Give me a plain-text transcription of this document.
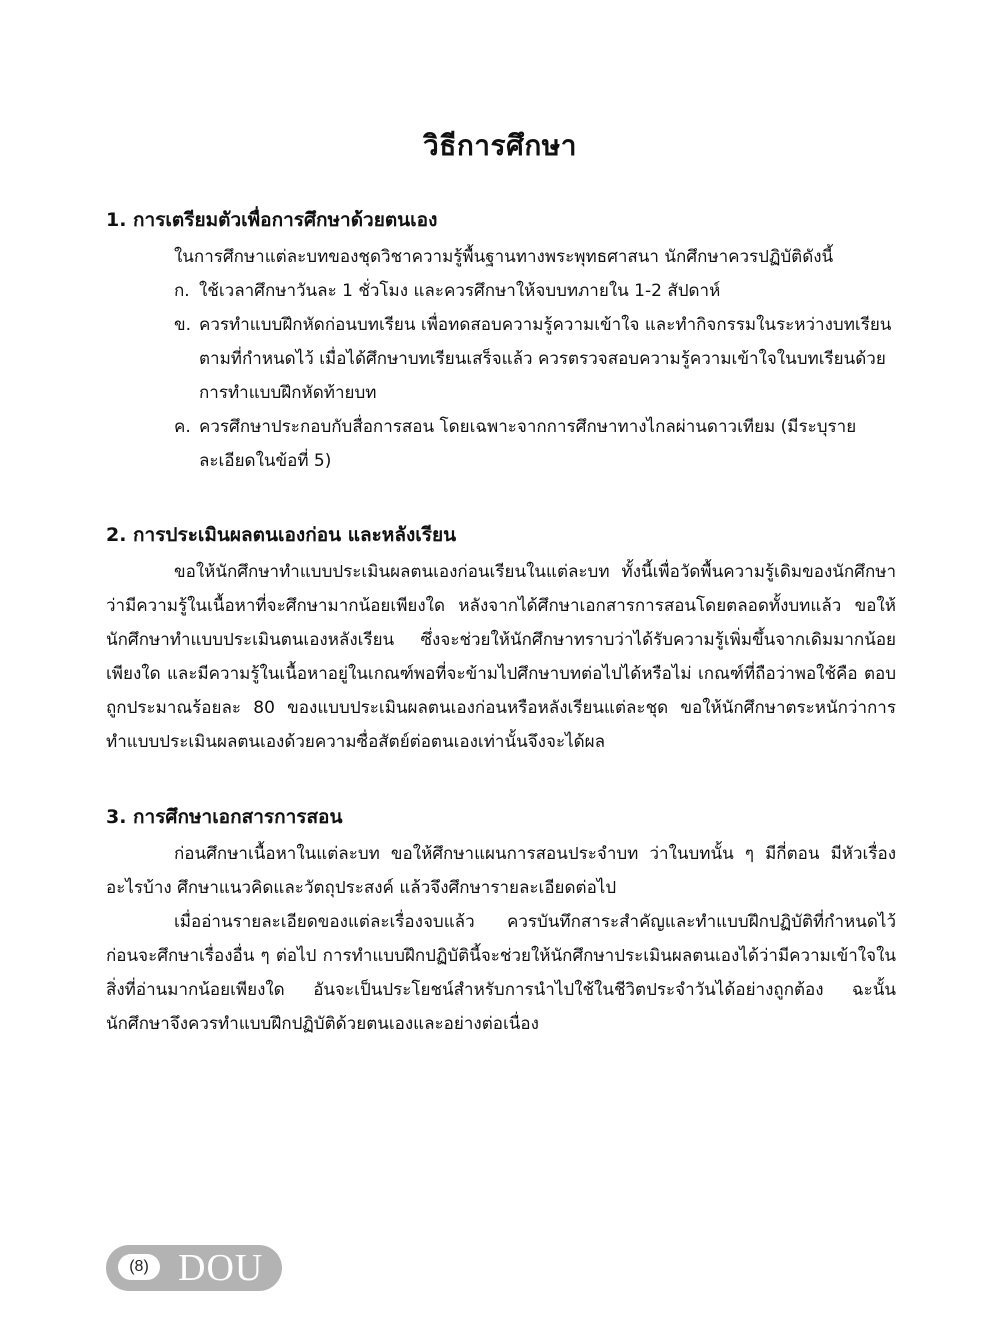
วิธีการศึกษา
1. การเตรียมตัวเพื่อการศึกษาด้วยตนเอง
ในการศึกษาแต่ละบทของชุดวิชาความรู้พื้นฐานทางพระพุทธศาสนา นักศึกษาควรปฏิบัติดังนี้
ก. ใช้เวลาศึกษาวันละ 1 ชั่วโมง และควรศึกษาให้จบบทภายใน 1-2 สัปดาห์
ข. ควรทำแบบฝึกหัดก่อนบทเรียน เพื่อทดสอบความรู้ความเข้าใจ และทำกิจกรรมในระหว่างบทเรียนตามที่กำหนดไว้ เมื่อได้ศึกษาบทเรียนเสร็จแล้ว ควรตรวจสอบความรู้ความเข้าใจในบทเรียนด้วยการทำแบบฝึกหัดท้ายบท
ค. ควรศึกษาประกอบกับสื่อการสอน โดยเฉพาะจากการศึกษาทางไกลผ่านดาวเทียม (มีระบุรายละเอียดในข้อที่ 5)
2. การประเมินผลตนเองก่อน และหลังเรียน
ขอให้นักศึกษาทำแบบประเมินผลตนเองก่อนเรียนในแต่ละบท ทั้งนี้เพื่อวัดพื้นความรู้เดิมของนักศึกษาว่ามีความรู้ในเนื้อหาที่จะศึกษามากน้อยเพียงใด หลังจากได้ศึกษาเอกสารการสอนโดยตลอดทั้งบทแล้ว ขอให้นักศึกษาทำแบบประเมินตนเองหลังเรียน ซึ่งจะช่วยให้นักศึกษาทราบว่าได้รับความรู้เพิ่มขึ้นจากเดิมมากน้อยเพียงใด และมีความรู้ในเนื้อหาอยู่ในเกณฑ์พอที่จะข้ามไปศึกษาบทต่อไปได้หรือไม่ เกณฑ์ที่ถือว่าพอใช้คือ ตอบถูกประมาณร้อยละ 80 ของแบบประเมินผลตนเองก่อนหรือหลังเรียนแต่ละชุด ขอให้นักศึกษาตระหนักว่าการทำแบบประเมินผลตนเองด้วยความซื่อสัตย์ต่อตนเองเท่านั้นจึงจะได้ผล
3. การศึกษาเอกสารการสอน
ก่อนศึกษาเนื้อหาในแต่ละบท ขอให้ศึกษาแผนการสอนประจำบท ว่าในบทนั้น ๆ มีกี่ตอน มีหัวเรื่องอะไรบ้าง ศึกษาแนวคิดและวัตถุประสงค์ แล้วจึงศึกษารายละเอียดต่อไป
เมื่ออ่านรายละเอียดของแต่ละเรื่องจบแล้ว ควรบันทึกสาระสำคัญและทำแบบฝึกปฏิบัติที่กำหนดไว้ก่อนจะศึกษาเรื่องอื่น ๆ ต่อไป การทำแบบฝึกปฏิบัตินี้จะช่วยให้นักศึกษาประเมินผลตนเองได้ว่ามีความเข้าใจในสิ่งที่อ่านมากน้อยเพียงใด อันจะเป็นประโยชน์สำหรับการนำไปใช้ในชีวิตประจำวันได้อย่างถูกต้อง ฉะนั้นนักศึกษาจึงควรทำแบบฝึกปฏิบัติด้วยตนเองและอย่างต่อเนื่อง
(8) DOU
